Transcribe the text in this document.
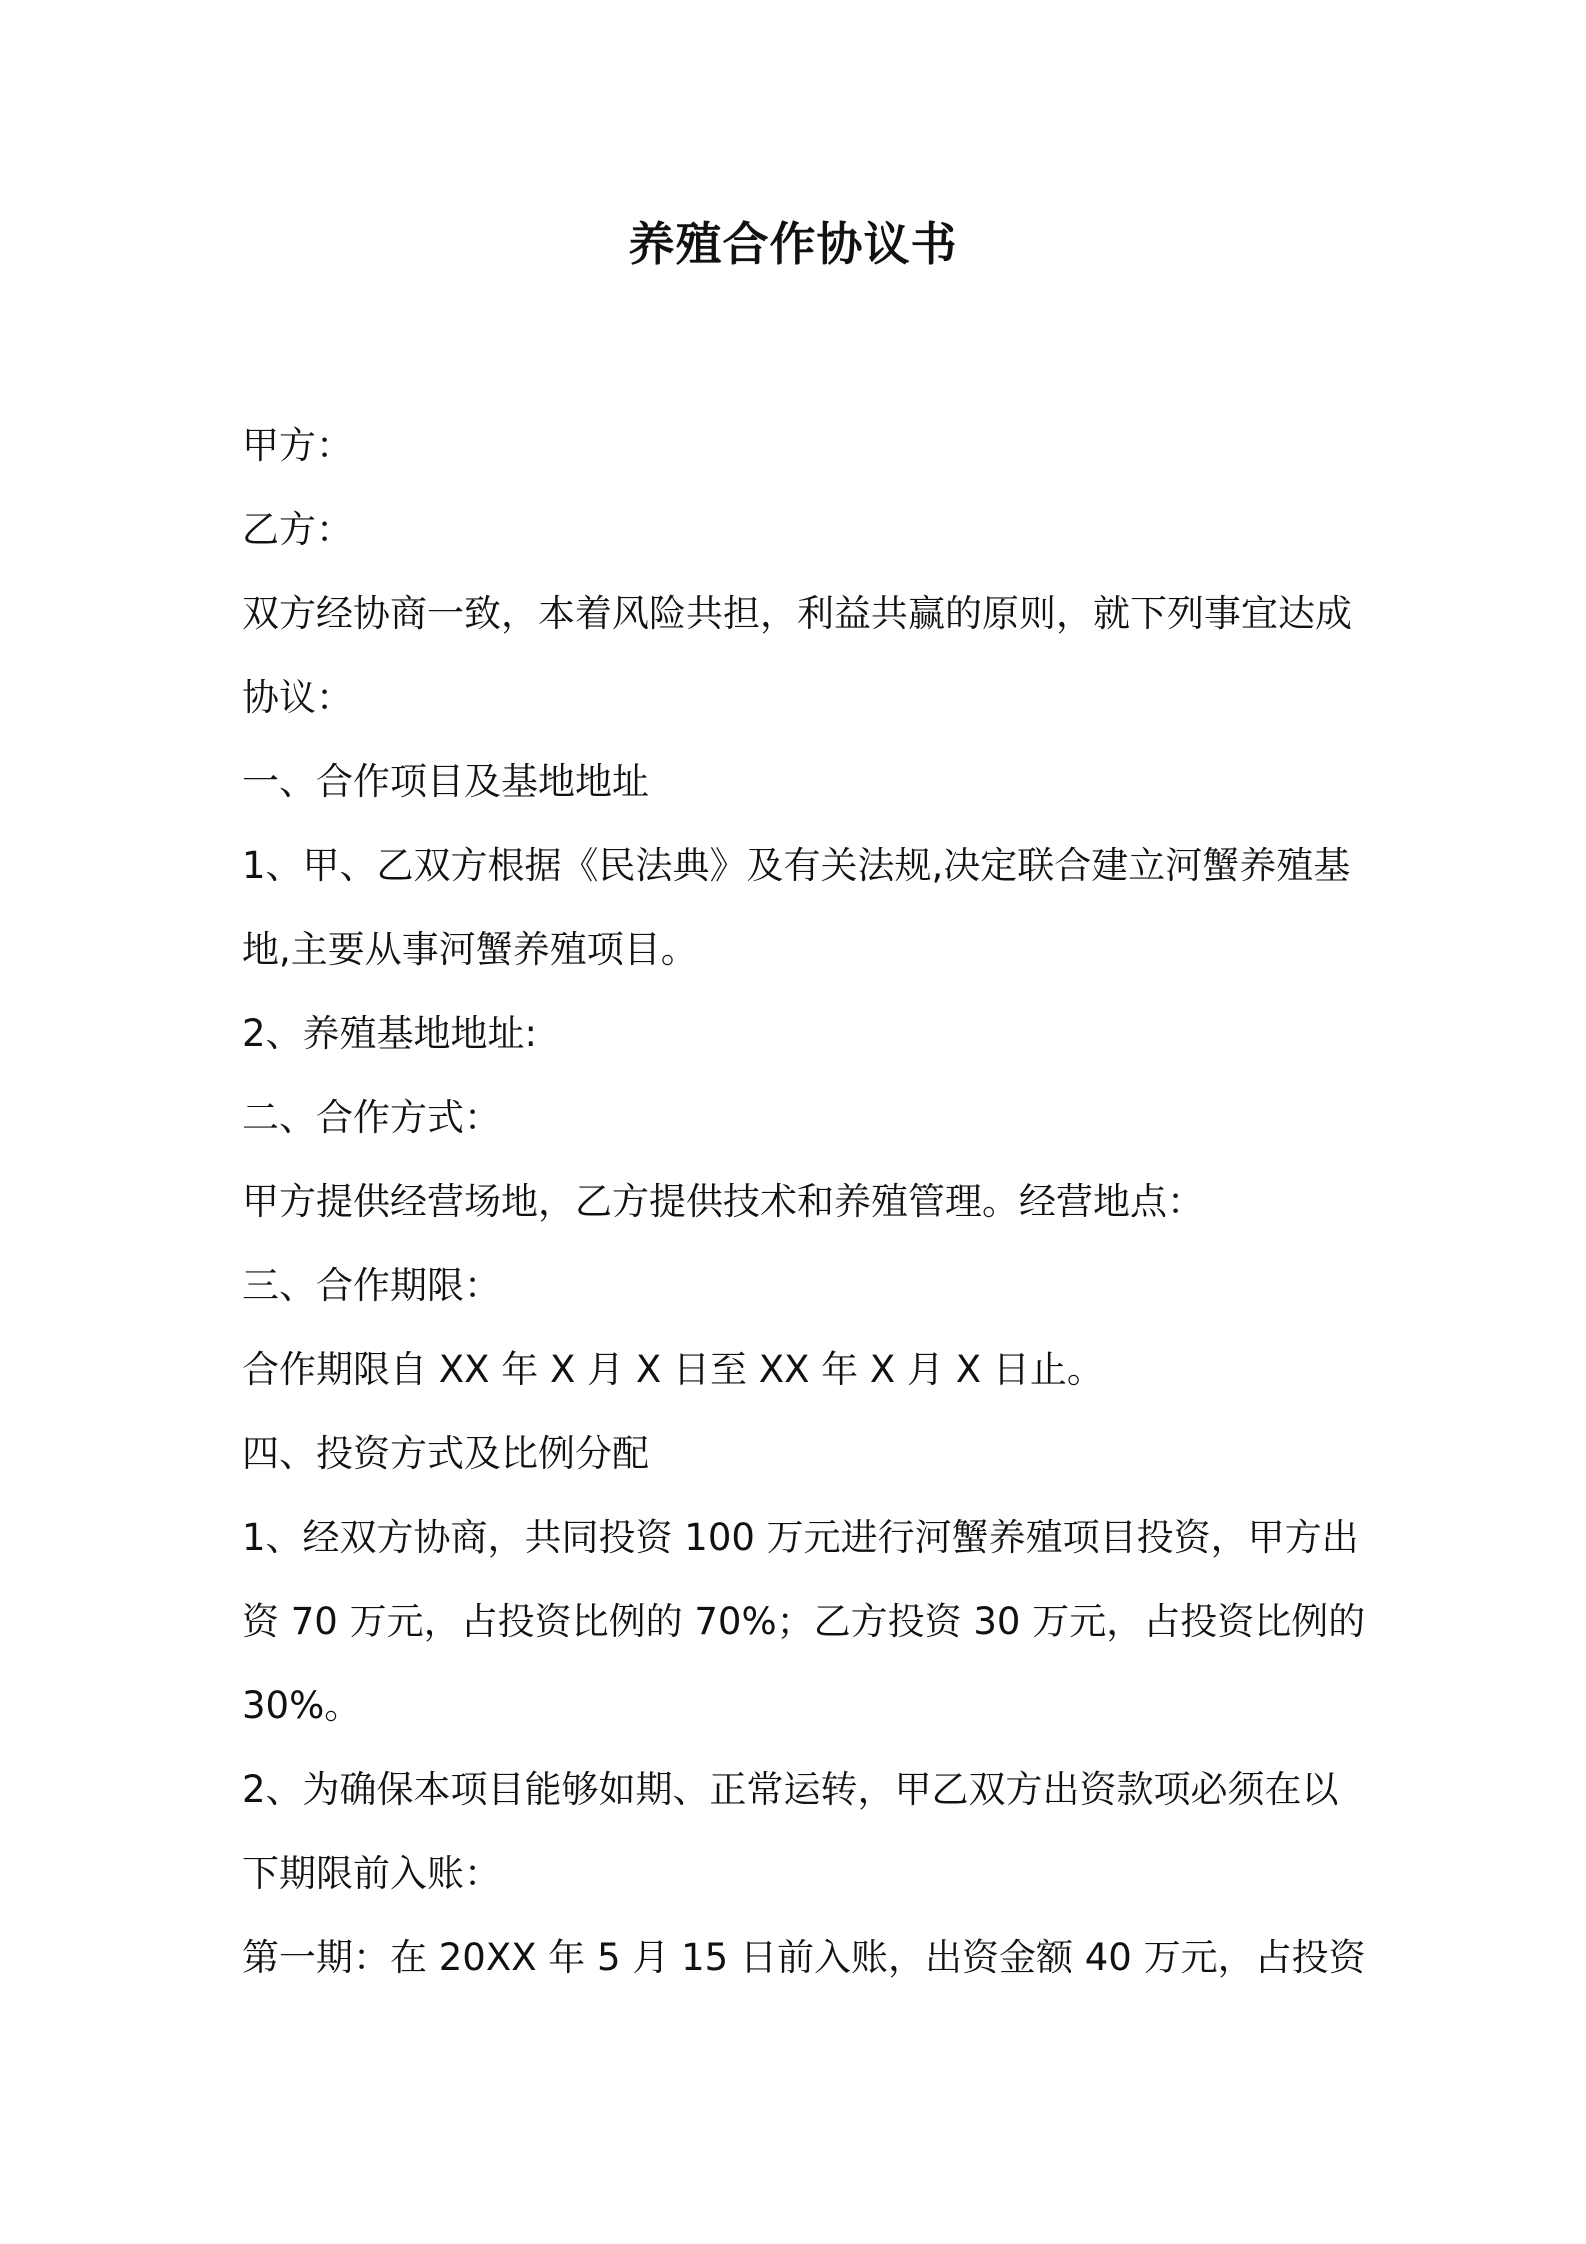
养殖合作协议书

甲方：

乙方：

双方经协商一致，本着风险共担，利益共赢的原则，就下列事宜达成

协议：

一、合作项目及基地地址

1、甲、乙双方根据《民法典》及有关法规,决定联合建立河蟹养殖基

地,主要从事河蟹养殖项目。

2、养殖基地地址:

二、合作方式：

甲方提供经营场地，乙方提供技术和养殖管理。经营地点：

三、合作期限：

合作期限自 XX 年 X 月 X 日至 XX 年 X 月 X 日止。

四、投资方式及比例分配

1、经双方协商，共同投资 100 万元进行河蟹养殖项目投资，甲方出

资 70 万元，占投资比例的 70%；乙方投资 30 万元，占投资比例的

30%。

2、为确保本项目能够如期、正常运转，甲乙双方出资款项必须在以

下期限前入账：

第一期：在 20XX 年 5 月 15 日前入账，出资金额 40 万元，占投资
